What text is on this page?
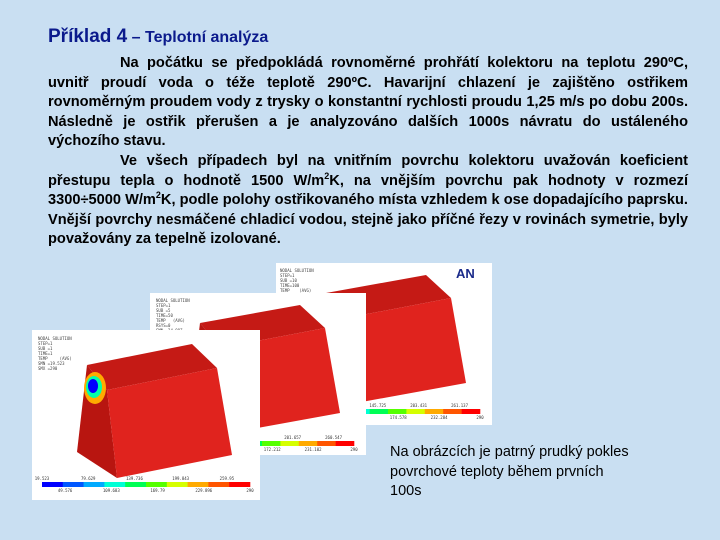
Příklad 4 – Teplotní analýza

Na počátku se předpokládá rovnoměrné prohřátí kolektoru na teplotu 290ºC, uvnitř proudí voda o téže teplotě 290ºC. Havarijní chlazení je zajištěno ostřikem rovnoměrným proudem vody z trysky o konstantní rychlosti proudu 1,25 m/s po dobu 200s. Následně je ostřik přerušen a je analyzováno dalších 1000s návratu do ustáleného výchozího stavu.

Ve všech případech byl na vnitřním povrchu kolektoru uvažován koeficient přestupu tepla o hodnotě 1500 $W/m^2K$, na vnějším povrchu pak hodnoty v rozmezí 3300÷5000 $W/m^2K$, podle polohy ostřikovaného místa vzhledem k ose dopadajícího paprsku. Vnější povrchy nesmáčené chladicí vodou, stejně jako příčné řezy v rovinách symetrie, byly považovány za tepelně izolované.

NODAL SOLUTION
STEP=1
SUB =10
TIME=100
TEMP    (AVG)

AN
145.725
174.578
203.431
232.284
261.137
290
NODAL SOLUTION
STEP=1
SUB =5
TIME=50
TEMP   (AVG)
RSYS=0

172.212
201.657
231.102
260.547
290
NODAL SOLUTION
STEP=1
SUB =1
TIME=1
TEMP     (AVG)
SMN =19.523
SMX =290
19.523
49.576
79.629
109.683
139.736
169.79
199.843
229.896
259.95
290
Na obrázcích je patrný prudký pokles povrchové teploty během prvních 100s
